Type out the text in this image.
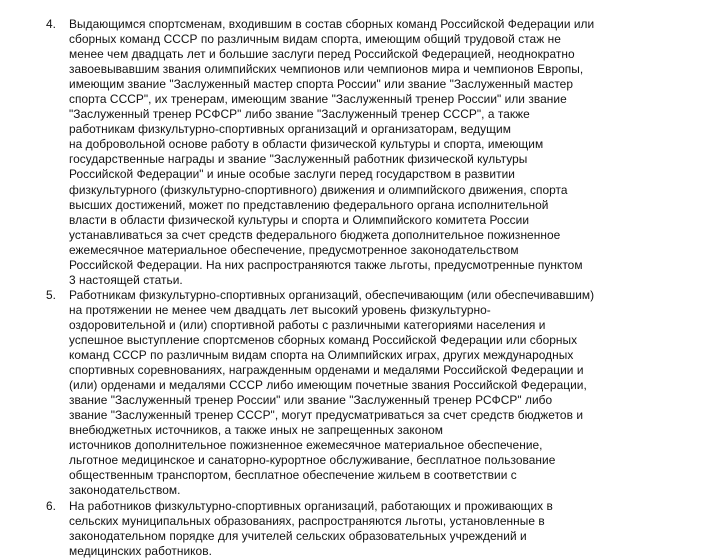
4.	Выдающимся спортсменам, входившим в состав сборных команд Российской Федерации или
сборных команд СССР по различным видам спорта, имеющим общий трудовой стаж не
менее чем двадцать лет и большие заслуги перед Российской Федерацией, неоднократно
завоевывавшим звания олимпийских чемпионов или чемпионов мира и чемпионов Европы,
имеющим звание "Заслуженный мастер спорта России" или звание "Заслуженный мастер
спорта СССР", их тренерам, имеющим звание "Заслуженный тренер России" или звание
"Заслуженный тренер РСФСР" либо звание "Заслуженный тренер СССР", а также
работникам физкультурно-спортивных организаций и организаторам, ведущим
на добровольной основе работу в области физической культуры и спорта, имеющим
государственные награды и звание "Заслуженный работник физической культуры
Российской Федерации" и иные особые заслуги перед государством в развитии
физкультурного (физкультурно-спортивного) движения и олимпийского движения, спорта
высших достижений, может по представлению федерального органа исполнительной
власти в области физической культуры и спорта и Олимпийского комитета России
устанавливаться за счет средств федерального бюджета дополнительное пожизненное
ежемесячное материальное обеспечение, предусмотренное законодательством
Российской Федерации. На них распространяются также льготы, предусмотренные пунктом
3 настоящей статьи.
5.	Работникам физкультурно-спортивных организаций, обеспечивающим (или обеспечивавшим)
на протяжении не менее чем двадцать лет высокий уровень физкультурно-
оздоровительной и (или) спортивной работы с различными категориями населения и
успешное выступление спортсменов сборных команд Российской Федерации или сборных
команд СССР по различным видам спорта на Олимпийских играх, других международных
спортивных соревнованиях, награжденным орденами и медалями Российской Федерации и
(или) орденами и медалями СССР либо имеющим почетные звания Российской Федерации,
звание "Заслуженный тренер России" или звание "Заслуженный тренер РСФСР" либо
звание "Заслуженный тренер СССР", могут предусматриваться за счет средств бюджетов и
внебюджетных источников, а также иных не запрещенных законом
источников дополнительное пожизненное ежемесячное материальное обеспечение,
льготное медицинское и санаторно-курортное обслуживание, бесплатное пользование
общественным транспортом, бесплатное обеспечение жильем в соответствии с
законодательством.
6.	На работников физкультурно-спортивных организаций, работающих и проживающих в
сельских муниципальных образованиях, распространяются льготы, установленные в
законодательном порядке для учителей сельских образовательных учреждений и
медицинских работников.
